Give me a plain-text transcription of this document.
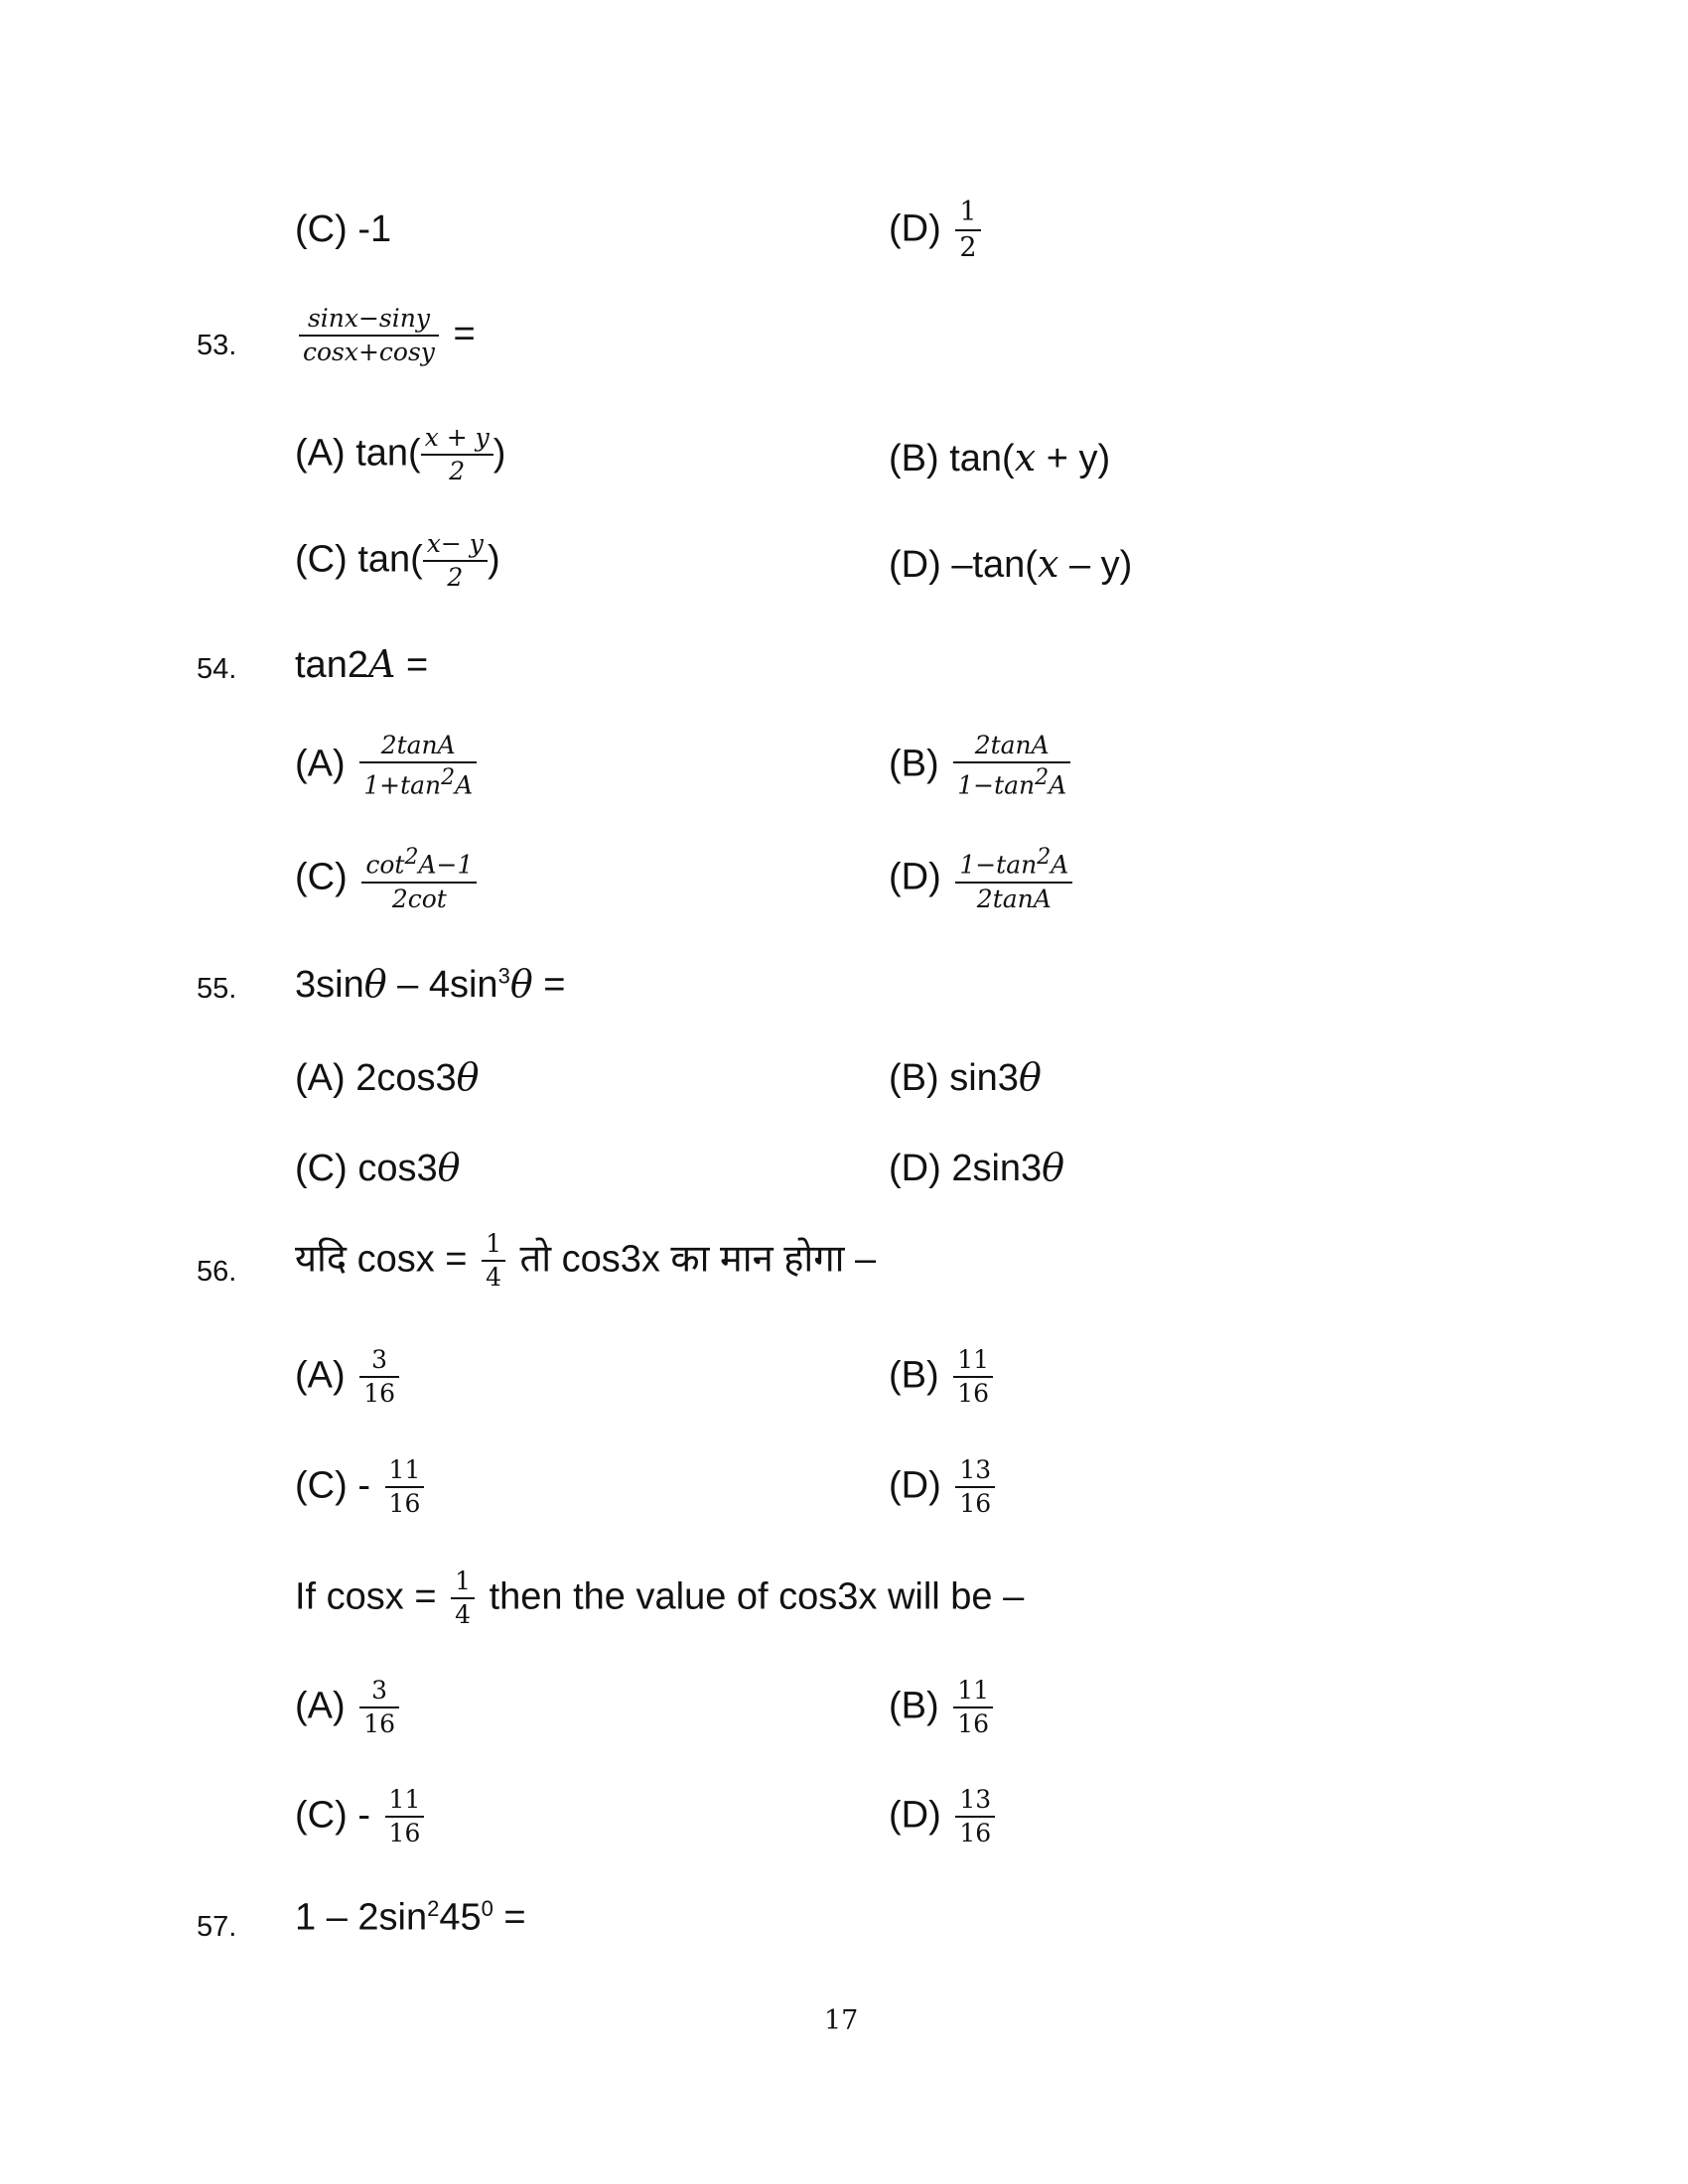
(C) -1	$(D) \frac{1}{2}$
53.	$\frac{\sin x-\sin y}{\cos x+\cos y}$ =
(A) $\tan( \frac{x + y}{2}$ )	(B) tan(x + y)
(C) $\tan( \frac{x- y}{2}$ )	(D) –tan(x – y)
54. tan2A =
$(A) \frac{2\tan A}{1+\tan^2A}$	$(B) \frac{2\tan A}{1-\tan^2A}$
$(C) \frac{\cot^2A-1}{2\cot}$	$(D) \frac{1-\tan^2A}{2\tan A}$
55. $3\sin\theta - 4\sin^3\theta$ =
(A) 2cos3θ	(B) sin3θ
(C) cos3θ	(D) 2sin3θ
56. यदि $\cos x = \frac{1}{4}$ तो cos3x का मान होगा –
$(A) \frac{3}{16}$	$(B) \frac{11}{16}$
$(C) - \frac{11}{16}$	$(D) \frac{13}{16}$
If $\cos x = \frac{1}{4}$ then the value of cos3x will be –
$(A) \frac{3}{16}$	$(B) \frac{11}{16}$
$(C) - \frac{11}{16}$	$(D) \frac{13}{16}$
57. $1 - 2\sin^245^0$ =
17
